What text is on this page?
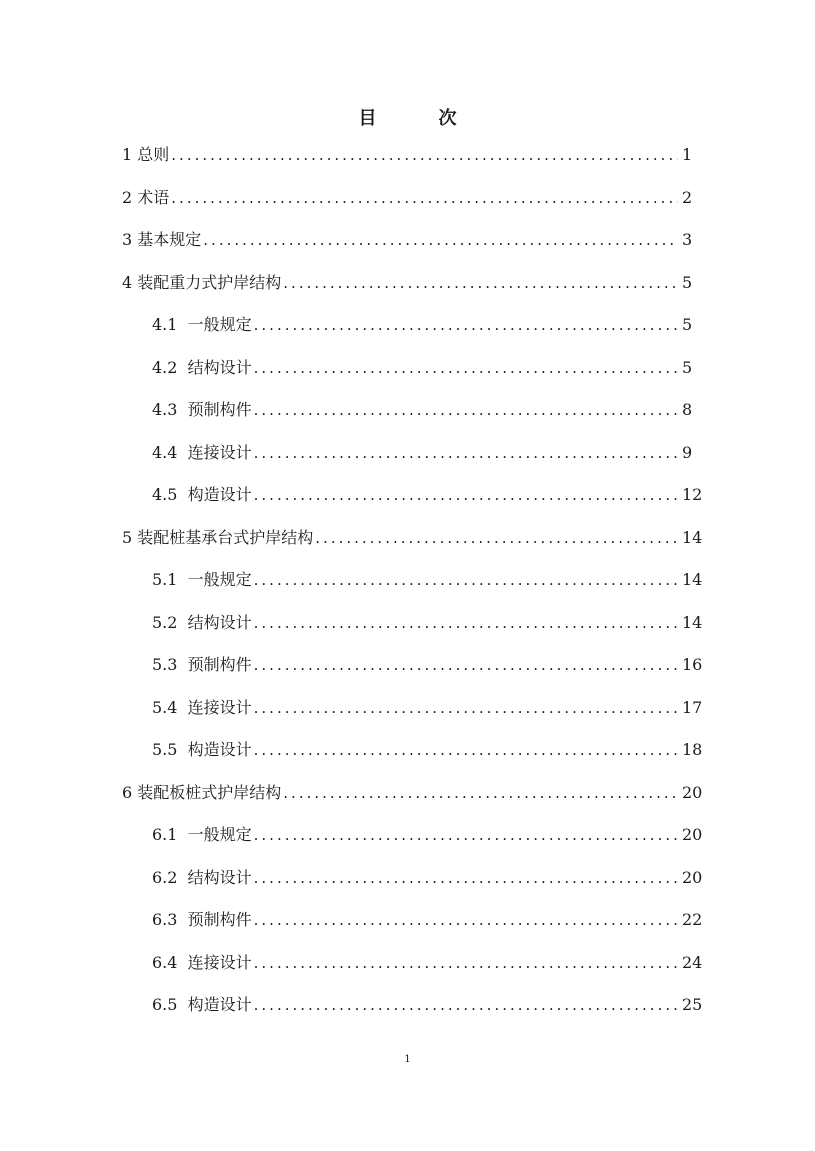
目　次
1 总则 .....	1
2 术语 .....	2
3 基本规定 .....	3
4 装配重力式护岸结构 .....	5
4.1 一般规定 .....	5
4.2 结构设计 .....	5
4.3 预制构件 .....	8
4.4 连接设计 .....	9
4.5 构造设计 .....	12
5 装配桩基承台式护岸结构 .....	14
5.1 一般规定 .....	14
5.2 结构设计 .....	14
5.3 预制构件 .....	16
5.4 连接设计 .....	17
5.5 构造设计 .....	18
6 装配板桩式护岸结构 .....	20
6.1 一般规定 .....	20
6.2 结构设计 .....	20
6.3 预制构件 .....	22
6.4 连接设计 .....	24
6.5 构造设计 .....	25
1
